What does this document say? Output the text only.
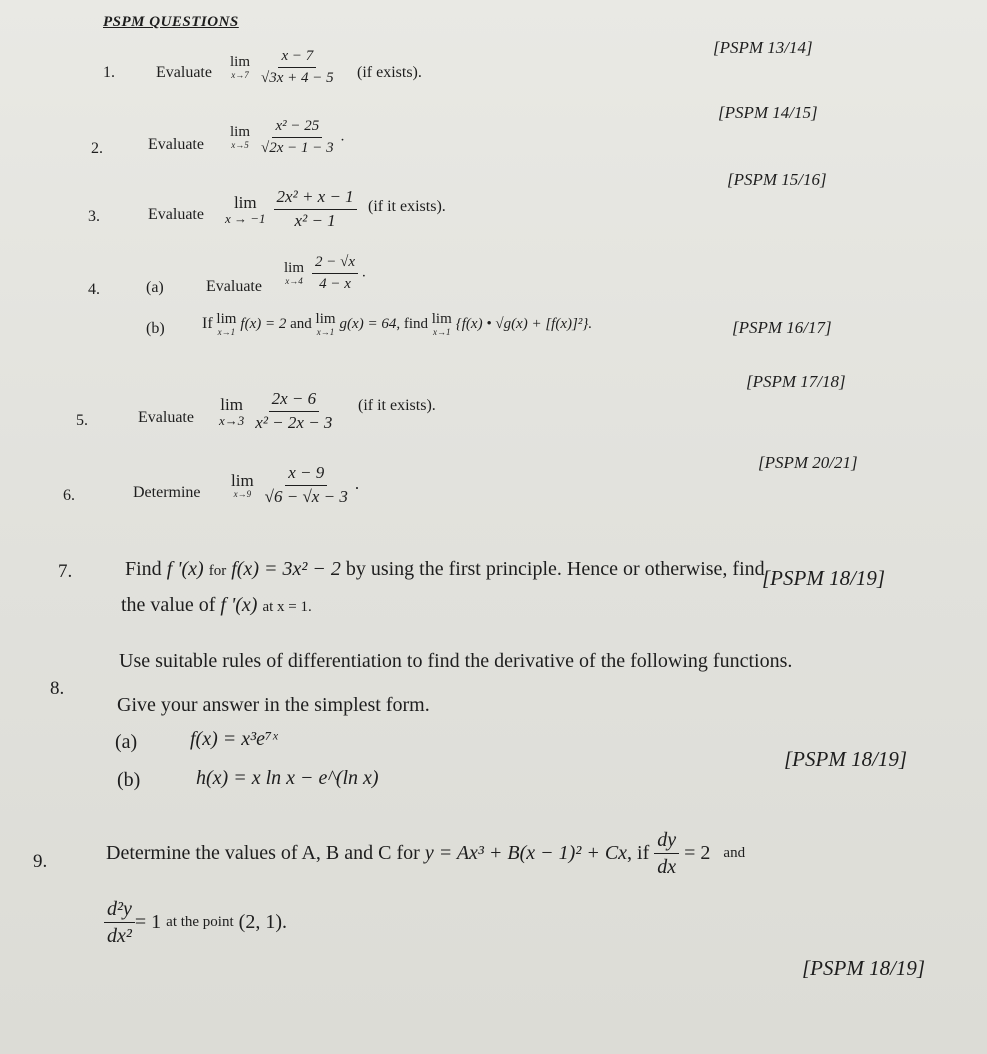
PSPM QUESTIONS
1.	Evaluate
lim
x→7
$\frac{x - 7}{√3x + 4 - 5} (if$ exists).
[PSPM 13/14]
2.	Evaluate
lim
x→5
$\frac{\text{x² − 25}}{√2x - 1 - 3}$ .
[PSPM 14/15]
3.	Evaluate
lim
x → −1
$\frac{\text{2x² + x − 1}}{\text{x² − 1}} (if$ it exists).
[PSPM 15/16]
4.	(a)	Evaluate
lim
x→4
$\frac{2 - √x}{4 - x}$ .
(b) If lim
x→1
f(x) = 2 and lim
x→1
g(x) = 64, find lim
x→1
{f(x) • √g(x) + [f(x)]²}.	[PSPM 16/17]
5.	Evaluate
lim
x→3
$\frac{2x - 6}{\text{x² − 2x − 3}} (if$ it exists).
[PSPM 17/18]
6.	Determine
lim
x→9
$\frac{x - 9}{√6 - √x - 3}$ .
[PSPM 20/21]
7.	Find f '(x) for f(x) = 3x² − 2 by using the first principle. Hence or otherwise, find
the value of f '(x) at x = 1.
[PSPM 18/19]
8.
Use suitable rules of differentiation to find the derivative of the following functions.
Give your answer in the simplest form.
(a)	f(x) = x³e⁷ˣ
(b)	h(x) = x ln x − e^(ln x)
[PSPM 18/19]
9.	Determine the values of A, B and C for y = Ax³ + B(x − 1)² + Cx, if $\frac{dy}{dx} = 2$ and
$\frac{\text{d²y}}{\text{dx²}} = 1$ at the point (2, 1).
[PSPM 18/19]
